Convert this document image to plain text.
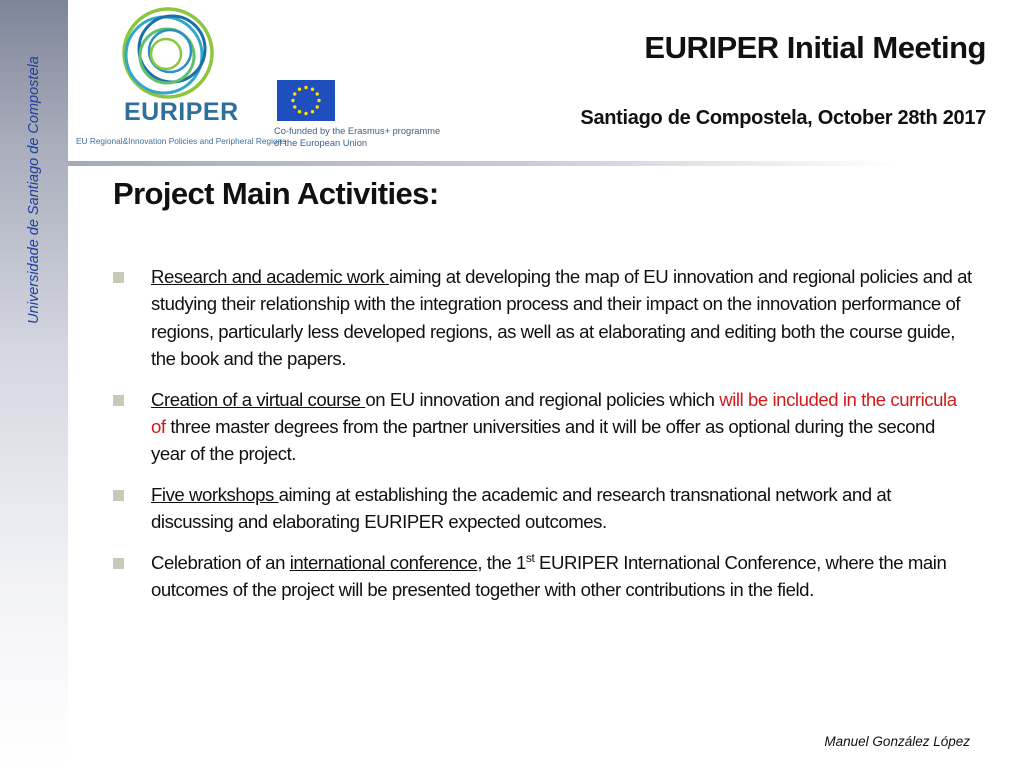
Universidade de Santiago de Compostela	EURIPER
EU Regional&Innovation Policies and Peripheral Regions
Co-funded by the Erasmus+ programme
of the European Union
EURIPER Initial Meeting
Santiago de Compostela, October 28th 2017
Project Main Activities:
Research and academic work aiming at developing the map of EU innovation and regional policies and at studying their relationship with the integration process and their impact on the innovation performance of regions, particularly less developed regions, as well as at elaborating and editing both the course guide, the book and the papers.
Creation of a virtual course on EU innovation and regional policies which will be included in the curricula of three master degrees from the partner universities and it will be offer as optional during the second year of the project.
Five workshops aiming at establishing the academic and research transnational network and at discussing and elaborating EURIPER expected outcomes.
Celebration of an international conference, the 1st EURIPER International Conference, where the main outcomes of the project will be presented together with other contributions in the field.
Manuel González López
